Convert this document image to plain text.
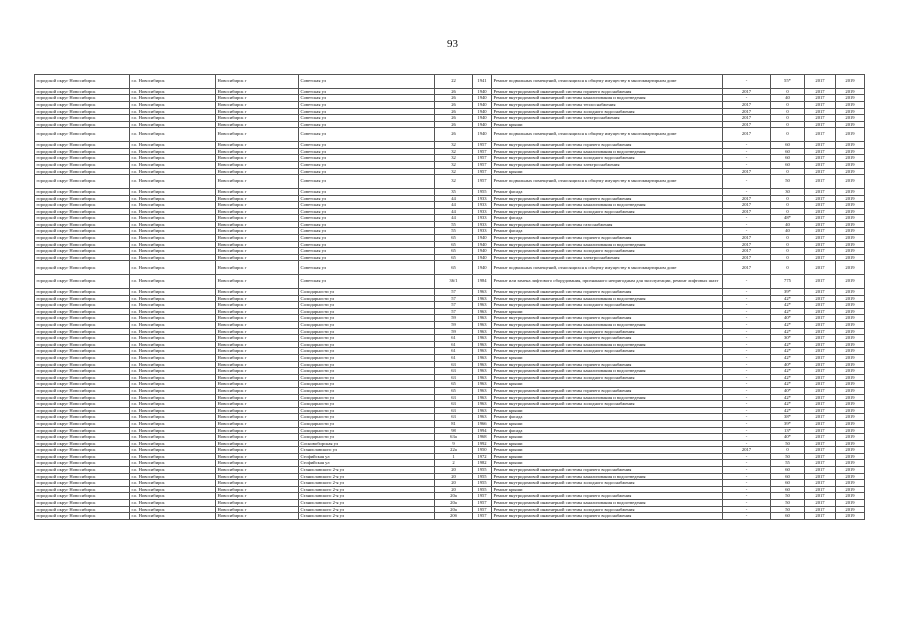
93
городской округ Новосибирск	г.о. Новосибирск	Новосибирск г	Советская ул	22	1941	Ремонт подвальных помещений, относящихся к общему имуществу в многоквартирном доме	-	55*	2017	2019
городской округ Новосибирск	г.о. Новосибирск	Новосибирск г	Советская ул	26	1940	Ремонт внутридомовой инженерной системы горячего водоснабжения	2017	0	2017	2019
городской округ Новосибирск	г.о. Новосибирск	Новосибирск г	Советская ул	26	1940	Ремонт внутридомовой инженерной системы канализования и водоотведения	-	40	2017	2019
городской округ Новосибирск	г.о. Новосибирск	Новосибирск г	Советская ул	26	1940	Ремонт внутридомовой инженерной системы теплоснабжения	2017	0	2017	2019
городской округ Новосибирск	г.о. Новосибирск	Новосибирск г	Советская ул	26	1940	Ремонт внутридомовой инженерной системы холодного водоснабжения	2017	0	2017	2019
городской округ Новосибирск	г.о. Новосибирск	Новосибирск г	Советская ул	26	1940	Ремонт внутридомовой инженерной системы электроснабжения	2017	0	2017	2019
городской округ Новосибирск	г.о. Новосибирск	Новосибирск г	Советская ул	26	1940	Ремонт крыши	2017	0	2017	2019
городской округ Новосибирск	г.о. Новосибирск	Новосибирск г	Советская ул	26	1940	Ремонт подвальных помещений, относящихся к общему имуществу в многоквартирном доме	2017	0	2017	2019
городской округ Новосибирск	г.о. Новосибирск	Новосибирск г	Советская ул	32	1957	Ремонт внутридомовой инженерной системы горячего водоснабжения	-	60	2017	2019
городской округ Новосибирск	г.о. Новосибирск	Новосибирск г	Советская ул	32	1957	Ремонт внутридомовой инженерной системы канализования и водоотведения	-	60	2017	2019
городской округ Новосибирск	г.о. Новосибирск	Новосибирск г	Советская ул	32	1957	Ремонт внутридомовой инженерной системы холодного водоснабжения	-	60	2017	2019
городской округ Новосибирск	г.о. Новосибирск	Новосибирск г	Советская ул	32	1957	Ремонт внутридомовой инженерной системы электроснабжения	-	60	2017	2019
городской округ Новосибирск	г.о. Новосибирск	Новосибирск г	Советская ул	32	1957	Ремонт крыши	2017	0	2017	2019
городской округ Новосибирск	г.о. Новосибирск	Новосибирск г	Советская ул	32	1957	Ремонт подвальных помещений, относящихся к общему имуществу в многоквартирном доме	-	50	2017	2019
городской округ Новосибирск	г.о. Новосибирск	Новосибирск г	Советская ул	35	1955	Ремонт фасада	-	30	2017	2019
городской округ Новосибирск	г.о. Новосибирск	Новосибирск г	Советская ул	44	1933	Ремонт внутридомовой инженерной системы горячего водоснабжения	2017	0	2017	2019
городской округ Новосибирск	г.о. Новосибирск	Новосибирск г	Советская ул	44	1933	Ремонт внутридомовой инженерной системы канализования и водоотведения	2017	0	2017	2019
городской округ Новосибирск	г.о. Новосибирск	Новосибирск г	Советская ул	44	1933	Ремонт внутридомовой инженерной системы холодного водоснабжения	2017	0	2017	2019
городской округ Новосибирск	г.о. Новосибирск	Новосибирск г	Советская ул	44	1933	Ремонт фасада	-	48*	2017	2019
городской округ Новосибирск	г.о. Новосибирск	Новосибирск г	Советская ул	55	1933	Ремонт внутридомовой инженерной системы газоснабжения	-	40	2017	2019
городской округ Новосибирск	г.о. Новосибирск	Новосибирск г	Советская ул	55	1933	Ремонт фасада	-	40	2017	2019
городской округ Новосибирск	г.о. Новосибирск	Новосибирск г	Советская ул	65	1940	Ремонт внутридомовой инженерной системы горячего водоснабжения	2017	0	2017	2019
городской округ Новосибирск	г.о. Новосибирск	Новосибирск г	Советская ул	65	1940	Ремонт внутридомовой инженерной системы канализования и водоотведения	2017	0	2017	2019
городской округ Новосибирск	г.о. Новосибирск	Новосибирск г	Советская ул	65	1940	Ремонт внутридомовой инженерной системы холодного водоснабжения	2017	0	2017	2019
городской округ Новосибирск	г.о. Новосибирск	Новосибирск г	Советская ул	65	1940	Ремонт внутридомовой инженерной системы электроснабжения	2017	0	2017	2019
городской округ Новосибирск	г.о. Новосибирск	Новосибирск г	Советская ул	65	1940	Ремонт подвальных помещений, относящихся к общему имуществу в многоквартирном доме	2017	0	2017	2019
городской округ Новосибирск	г.о. Новосибирск	Новосибирск г	Советская ул	36/1	1984	Ремонт или замена лифтового оборудования, признанного непригодным для эксплуатации, ремонт лифтовых шахт	-	775	2017	2019
городской округ Новосибирск	г.о. Новосибирск	Новосибирск г	Солидарности ул	57	1963	Ремонт внутридомовой инженерной системы горячего водоснабжения	-	39*	2017	2019
городской округ Новосибирск	г.о. Новосибирск	Новосибирск г	Солидарности ул	57	1963	Ремонт внутридомовой инженерной системы канализования и водоотведения	-	42*	2017	2019
городской округ Новосибирск	г.о. Новосибирск	Новосибирск г	Солидарности ул	57	1963	Ремонт внутридомовой инженерной системы холодного водоснабжения	-	42*	2017	2019
городской округ Новосибирск	г.о. Новосибирск	Новосибирск г	Солидарности ул	57	1963	Ремонт крыши	-	42*	2017	2019
городской округ Новосибирск	г.о. Новосибирск	Новосибирск г	Солидарности ул	59	1963	Ремонт внутридомовой инженерной системы горячего водоснабжения	-	40*	2017	2019
городской округ Новосибирск	г.о. Новосибирск	Новосибирск г	Солидарности ул	59	1963	Ремонт внутридомовой инженерной системы канализования и водоотведения	-	42*	2017	2019
городской округ Новосибирск	г.о. Новосибирск	Новосибирск г	Солидарности ул	59	1963	Ремонт внутридомовой инженерной системы холодного водоснабжения	-	42*	2017	2019
городской округ Новосибирск	г.о. Новосибирск	Новосибирск г	Солидарности ул	61	1963	Ремонт внутридомовой инженерной системы горячего водоснабжения	-	30*	2017	2019
городской округ Новосибирск	г.о. Новосибирск	Новосибирск г	Солидарности ул	61	1963	Ремонт внутридомовой инженерной системы канализования и водоотведения	-	42*	2017	2019
городской округ Новосибирск	г.о. Новосибирск	Новосибирск г	Солидарности ул	61	1963	Ремонт внутридомовой инженерной системы холодного водоснабжения	-	42*	2017	2019
городской округ Новосибирск	г.о. Новосибирск	Новосибирск г	Солидарности ул	61	1963	Ремонт крыши	-	42*	2017	2019
городской округ Новосибирск	г.о. Новосибирск	Новосибирск г	Солидарности ул	63	1963	Ремонт внутридомовой инженерной системы горячего водоснабжения	-	40*	2017	2019
городской округ Новосибирск	г.о. Новосибирск	Новосибирск г	Солидарности ул	63	1963	Ремонт внутридомовой инженерной системы канализования и водоотведения	-	42*	2017	2019
городской округ Новосибирск	г.о. Новосибирск	Новосибирск г	Солидарности ул	63	1963	Ремонт внутридомовой инженерной системы холодного водоснабжения	-	42*	2017	2019
городской округ Новосибирск	г.о. Новосибирск	Новосибирск г	Солидарности ул	65	1963	Ремонт крыши	-	42*	2017	2019
городской округ Новосибирск	г.о. Новосибирск	Новосибирск г	Солидарности ул	65	1963	Ремонт внутридомовой инженерной системы горячего водоснабжения	-	40*	2017	2019
городской округ Новосибирск	г.о. Новосибирск	Новосибирск г	Солидарности ул	63	1963	Ремонт внутридомовой инженерной системы канализования и водоотведения	-	42*	2017	2019
городской округ Новосибирск	г.о. Новосибирск	Новосибирск г	Солидарности ул	63	1963	Ремонт внутридомовой инженерной системы холодного водоснабжения	-	42*	2017	2019
городской округ Новосибирск	г.о. Новосибирск	Новосибирск г	Солидарности ул	63	1963	Ремонт крыши	-	42*	2017	2019
городской округ Новосибирск	г.о. Новосибирск	Новосибирск г	Солидарности ул	63	1963	Ремонт фасада	-	38*	2017	2019
городской округ Новосибирск	г.о. Новосибирск	Новосибирск г	Солидарности ул	81	1966	Ремонт крыши	-	39*	2017	2019
городской округ Новосибирск	г.о. Новосибирск	Новосибирск г	Солидарности ул	98	1994	Ремонт фасада	-	13*	2017	2019
городской округ Новосибирск	г.о. Новосибирск	Новосибирск г	Солидарности ул	63а	1968	Ремонт крыши	-	40*	2017	2019
городской округ Новосибирск	г.о. Новосибирск	Новосибирск г	Сосновоборская ул	9	1992	Ремонт крыши	-	50	2017	2019
городской округ Новосибирск	г.о. Новосибирск	Новосибирск г	Станиславского ул	22а	1950	Ремонт крыши	2017	0	2017	2019
городской округ Новосибирск	г.о. Новосибирск	Новосибирск г	Стофийская ул	1	1972	Ремонт крыши	-	50	2017	2019
городской округ Новосибирск	г.о. Новосибирск	Новосибирск г	Стофийская ул	2	1982	Ремонт крыши	-	55	2017	2019
городской округ Новосибирск	г.о. Новосибирск	Новосибирск г	Станиславского 2-я ул	20	1955	Ремонт внутридомовой инженерной системы горячего водоснабжения	-	60	2017	2019
городской округ Новосибирск	г.о. Новосибирск	Новосибирск г	Станиславского 2-я ул	20	1955	Ремонт внутридомовой инженерной системы канализования и водоотведения	-	60	2017	2019
городской округ Новосибирск	г.о. Новосибирск	Новосибирск г	Станиславского 2-я ул	20	1955	Ремонт внутридомовой инженерной системы холодного водоснабжения	-	60	2017	2019
городской округ Новосибирск	г.о. Новосибирск	Новосибирск г	Станиславского 2-я ул	20	1955	Ремонт крыши	-	60	2017	2019
городской округ Новосибирск	г.о. Новосибирск	Новосибирск г	Станиславского 2-я ул	20а	1957	Ремонт внутридомовой инженерной системы горячего водоснабжения	-	50	2017	2019
городской округ Новосибирск	г.о. Новосибирск	Новосибирск г	Станиславского 2-я ул	20а	1957	Ремонт внутридомовой инженерной системы канализования и водоотведения	-	50	2017	2019
городской округ Новосибирск	г.о. Новосибирск	Новосибирск г	Станиславского 2-я ул	20а	1957	Ремонт внутридомовой инженерной системы холодного водоснабжения	-	50	2017	2019
городской округ Новосибирск	г.о. Новосибирск	Новосибирск г	Станиславского 2-я ул	20б	1957	Ремонт внутридомовой инженерной системы горячего водоснабжения	-	60	2017	2019
